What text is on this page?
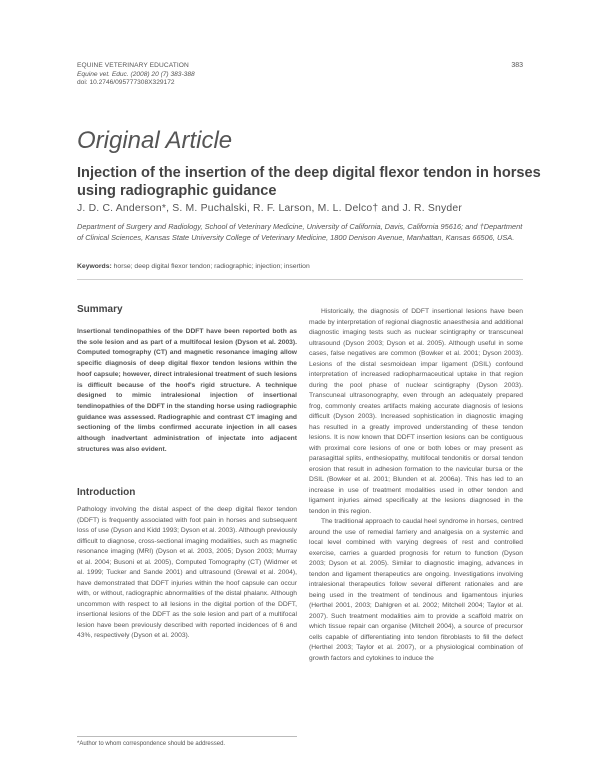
EQUINE VETERINARY EDUCATION
Equine vet. Educ. (2008) 20 (7) 383-388
doi: 10.2746/095777308X329172
383
Original Article
Injection of the insertion of the deep digital flexor tendon in horses using radiographic guidance
J. D. C. Anderson*, S. M. Puchalski, R. F. Larson, M. L. Delco† and J. R. Snyder
Department of Surgery and Radiology, School of Veterinary Medicine, University of California, Davis, California 95616; and †Department of Clinical Sciences, Kansas State University College of Veterinary Medicine, 1800 Denison Avenue, Manhattan, Kansas 66506, USA.
Keywords: horse; deep digital flexor tendon; radiographic; injection; insertion
Summary
Insertional tendinopathies of the DDFT have been reported both as the sole lesion and as part of a multifocal lesion (Dyson et al. 2003). Computed tomography (CT) and magnetic resonance imaging allow specific diagnosis of deep digital flexor tendon lesions within the hoof capsule; however, direct intralesional treatment of such lesions is difficult because of the hoof's rigid structure. A technique designed to mimic intralesional injection of insertional tendinopathies of the DDFT in the standing horse using radiographic guidance was assessed. Radiographic and contrast CT imaging and sectioning of the limbs confirmed accurate injection in all cases although inadvertant administration of injectate into adjacent structures was also evident.
Introduction

Pathology involving the distal aspect of the deep digital flexor tendon (DDFT) is frequently associated with foot pain in horses and subsequent loss of use (Dyson and Kidd 1993; Dyson et al. 2003). Although previously difficult to diagnose, cross-sectional imaging modalities, such as magnetic resonance imaging (MRI) (Dyson et al. 2003, 2005; Dyson 2003; Murray et al. 2004; Busoni et al. 2005), Computed Tomography (CT) (Widmer et al. 1999; Tucker and Sande 2001) and ultrasound (Grewal et al. 2004), have demonstrated that DDFT injuries within the hoof capsule can occur with, or without, radiographic abnormalities of the distal phalanx. Although uncommon with respect to all lesions in the digital portion of the DDFT, insertional lesions of the DDFT as the sole lesion and part of a multifocal lesion have been previously described with reported incidences of 6 and 43%, respectively (Dyson et al. 2003).

Historically, the diagnosis of DDFT insertional lesions have been made by interpretation of regional diagnostic anaesthesia and additional diagnostic imaging tests such as nuclear scintigraphy or transcuneal ultrasound (Dyson 2003; Dyson et al. 2005). Although useful in some cases, false negatives are common (Bowker et al. 2001; Dyson 2003). Lesions of the distal sesmoidean impar ligament (DSIL) confound interpretation of increased radiopharmaceutical uptake in that region during the pool phase of nuclear scintigraphy (Dyson 2003). Transcuneal ultrasonography, even through an adequately prepared frog, commonly creates artifacts making accurate diagnosis of lesions difficult (Dyson 2003). Increased sophistication in diagnostic imaging has resulted in a greatly improved understanding of these tendon lesions. It is now known that DDFT insertion lesions can be contiguous with proximal core lesions of one or both lobes or may present as parasagittal splits, enthesiopathy, multifocal tendonitis or dorsal tendon erosion that result in adhesion formation to the navicular bursa or the DSIL (Bowker et al. 2001; Blunden et al. 2006a). This has led to an increase in use of treatment modalities used in other tendon and ligament injuries aimed specifically at the lesions diagnosed in the tendon in this region.

The traditional approach to caudal heel syndrome in horses, centred around the use of remedial farriery and analgesia on a systemic and local level combined with varying degrees of rest and controlled exercise, carries a guarded prognosis for return to function (Dyson 2003; Dyson et al. 2005). Similar to diagnostic imaging, advances in tendon and ligament therapeutics are ongoing. Investigations involving intralesional therapeutics follow several different rationales and are being used in the treatment of tendinous and ligamentous injuries (Herthel 2001, 2003; Dahlgren et al. 2002; Mitchell 2004; Taylor et al. 2007). Such treatment modalities aim to provide a scaffold matrix on which tissue repair can organise (Mitchell 2004), a source of precursor cells capable of differentiating into tendon fibroblasts to fill the defect (Herthel 2003; Taylor et al. 2007), or a physiological combination of growth factors and cytokines to induce the

*Author to whom correspondence should be addressed.
